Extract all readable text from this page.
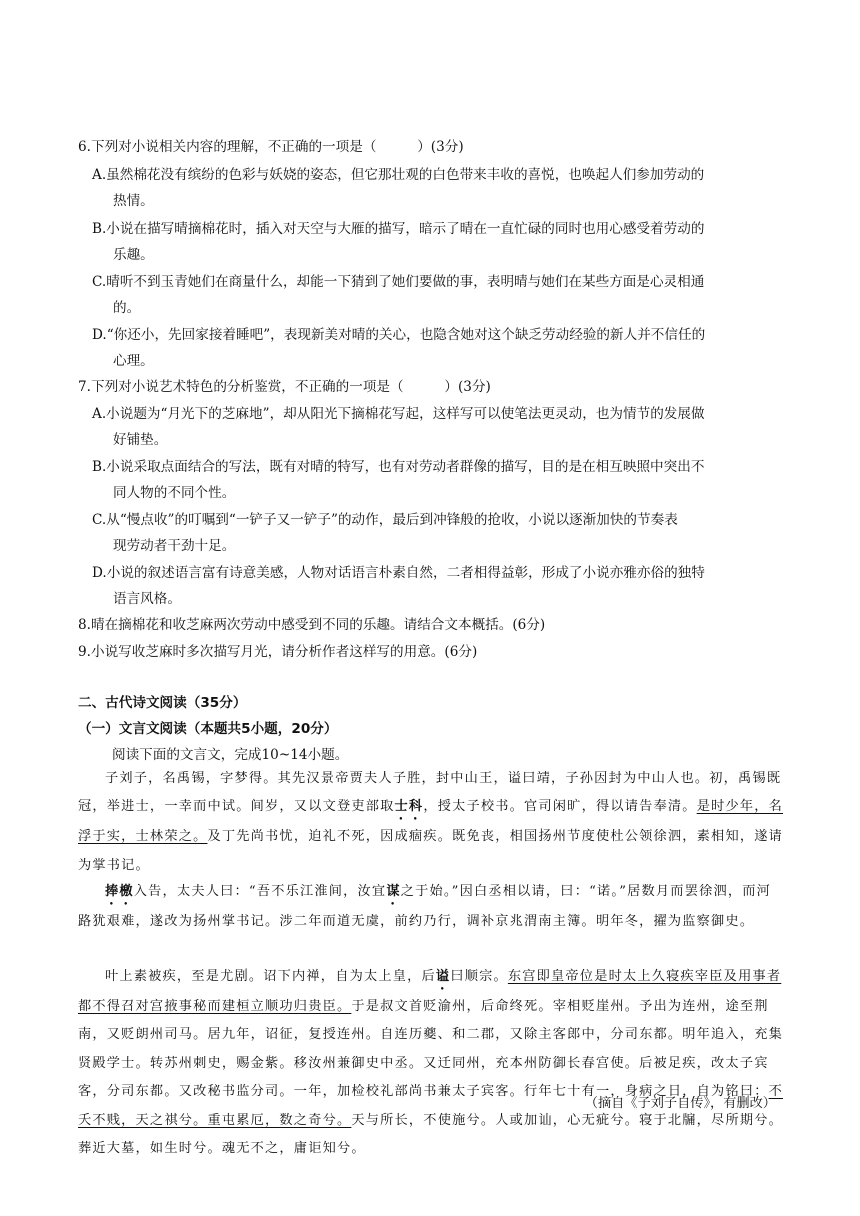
6.下列对小说相关内容的理解，不正确的一项是（　　　）(3分)
A.虽然棉花没有缤纷的色彩与妖娆的姿态，但它那壮观的白色带来丰收的喜悦，也唤起人们参加劳动的
热情。
B.小说在描写晴摘棉花时，插入对天空与大雁的描写，暗示了晴在一直忙碌的同时也用心感受着劳动的
乐趣。
C.晴听不到玉青她们在商量什么，却能一下猜到了她们要做的事，表明晴与她们在某些方面是心灵相通
的。
D.“你还小，先回家接着睡吧”，表现新美对晴的关心，也隐含她对这个缺乏劳动经验的新人并不信任的
心理。
7.下列对小说艺术特色的分析鉴赏，不正确的一项是（　　　）(3分)
A.小说题为“月光下的芝麻地”，却从阳光下摘棉花写起，这样写可以使笔法更灵动，也为情节的发展做
好铺垫。
B.小说采取点面结合的写法，既有对晴的特写，也有对劳动者群像的描写，目的是在相互映照中突出不
同人物的不同个性。
C.从“慢点收”的叮嘱到“一铲子又一铲子”的动作，最后到冲锋般的抢收，小说以逐渐加快的节奏表
现劳动者干劲十足。
D.小说的叙述语言富有诗意美感，人物对话语言朴素自然，二者相得益彰，形成了小说亦雅亦俗的独特
语言风格。
8.晴在摘棉花和收芝麻两次劳动中感受到不同的乐趣。请结合文本概括。(6分)
9.小说写收芝麻时多次描写月光，请分析作者这样写的用意。(6分)
二、古代诗文阅读（35分）
（一）文言文阅读（本题共5小题，20分）
阅读下面的文言文，完成10~14小题。
子刘子，名禹锡，字梦得。其先汉景帝贾夫人子胜，封中山王，谥曰靖，子孙因封为中山人也。初，禹锡既冠，举进士，一幸而中试。间岁，又以文登吏部取士科，授太子校书。官司闲旷，得以请告奉清。是时少年，名浮于实，士林荣之。及丁先尚书忧，迫礼不死，因成痼疾。既免丧，相国扬州节度使杜公领徐泗，素相知，遂请为掌书记。
捧檄入告，太夫人曰：“吾不乐江淮间，汝宜谋之于始。”因白丞相以请，曰：“诺。”居数月而罢徐泗，而河路犹艰难，遂改为扬州掌书记。涉二年而道无虞，前约乃行，调补京兆渭南主簿。明年冬，擢为监察御史。
叶上素被疾，至是尤剧。诏下内禅，自为太上皇，后谥曰顺宗。东宫即皇帝位是时太上久寝疾宰臣及用事者都不得召对宫掖事秘而建桓立顺功归贵臣。于是叔文首贬渝州，后命终死。宰相贬崖州。予出为连州，途至荆南，又贬朗州司马。居九年，诏征，复授连州。自连历夔、和二郡，又除主客郎中，分司东都。明年追入，充集贤殿学士。转苏州刺史，赐金紫。移汝州兼御史中丞。又迁同州，充本州防御长春宫使。后被足疾，改太子宾客，分司东都。又改秘书监分司。一年，加检校礼部尚书兼太子宾客。行年七十有一，身病之日，自为铭曰：不夭不贱，天之祺兮。重屯累厄，数之奇兮。天与所长，不使施兮。人或加讪，心无疵兮。寝于北牖，尽所期兮。葬近大墓，如生时兮。魂无不之，庸讵知兮。
（摘自《子刘子自传》，有删改）
